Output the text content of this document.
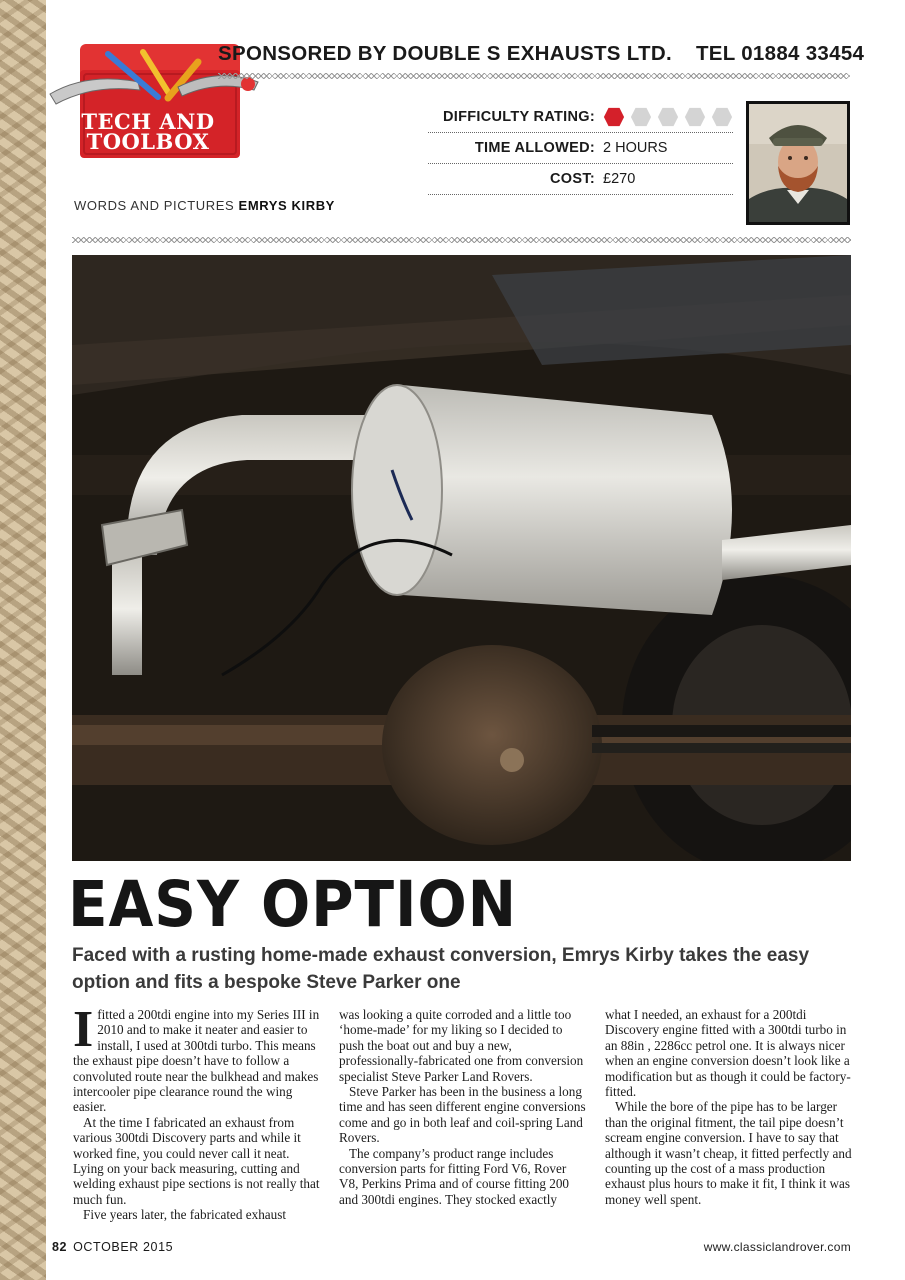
TECH AND TOOLBOX
SPONSORED BY DOUBLE S EXHAUSTS LTD. TEL 01884 33454
DIFFICULTY RATING:
TIME ALLOWED: 2 HOURS
COST: £270
WORDS AND PICTURES EMRYS KIRBY
EASY OPTION
Faced with a rusting home-made exhaust conversion, Emrys Kirby takes the easy option and fits a bespoke Steve Parker one

Ifitted a 200tdi engine into my Series III in 2010 and to make it neater and easier to install, I used at 300tdi turbo. This means the exhaust pipe doesn’t have to follow a convoluted route near the bulkhead and makes intercooler pipe clearance round the wing easier.

At the time I fabricated an exhaust from various 300tdi Discovery parts and while it worked fine, you could never call it neat. Lying on your back measuring, cutting and welding exhaust pipe sections is not really that much fun.

Five years later, the fabricated exhaust

was looking a quite corroded and a little too ‘home-made’ for my liking so I decided to push the boat out and buy a new, professionally-fabricated one from conversion specialist Steve Parker Land Rovers.

Steve Parker has been in the business a long time and has seen different engine conversions come and go in both leaf and coil-spring Land Rovers.

The company’s product range includes conversion parts for fitting Ford V6, Rover V8, Perkins Prima and of course fitting 200 and 300tdi engines. They stocked exactly

what I needed, an exhaust for a 200tdi Discovery engine fitted with a 300tdi turbo in an 88in , 2286cc petrol one. It is always nicer when an engine conversion doesn’t look like a modification but as though it could be factory-fitted.

While the bore of the pipe has to be larger than the original fitment, the tail pipe doesn’t scream engine conversion. I have to say that although it wasn’t cheap, it fitted perfectly and counting up the cost of a mass production exhaust plus hours to make it fit, I think it was money well spent.

82 OCTOBER 2015	www.classiclandrover.com
